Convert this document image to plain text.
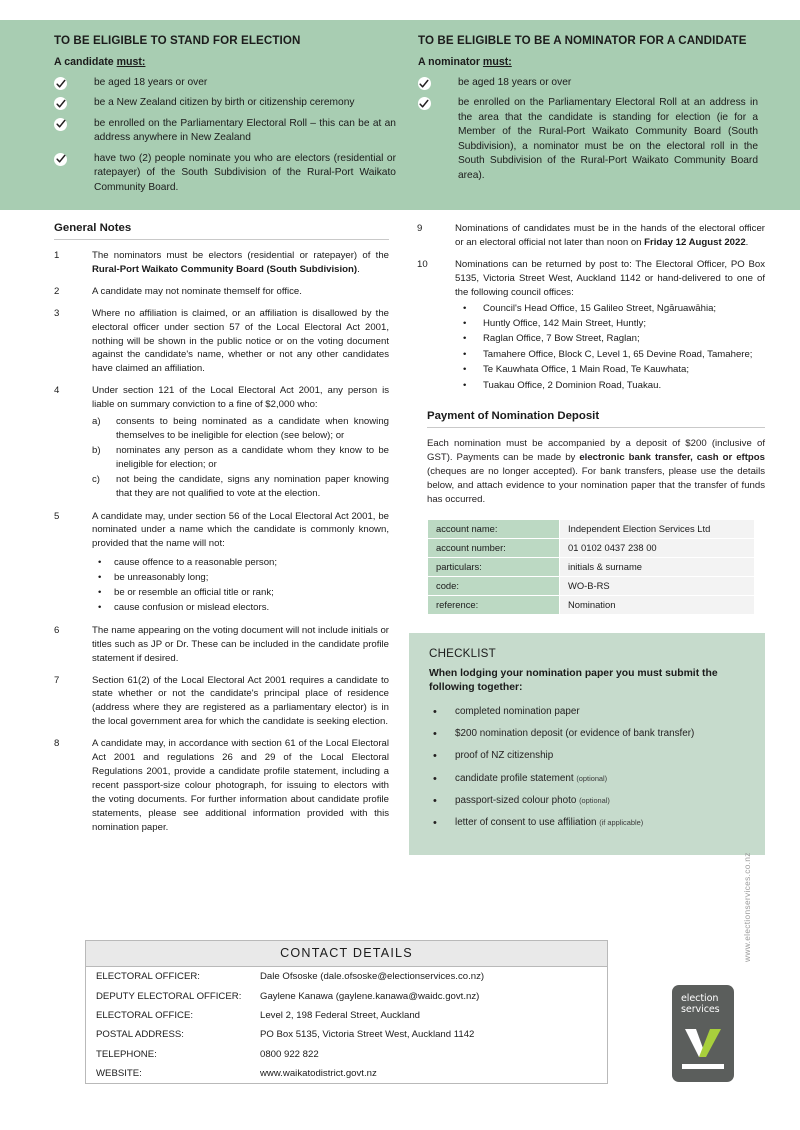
TO BE ELIGIBLE TO STAND FOR ELECTION
A candidate must:
be aged 18 years or over
be a New Zealand citizen by birth or citizenship ceremony
be enrolled on the Parliamentary Electoral Roll – this can be at an address anywhere in New Zealand
have two (2) people nominate you who are electors (residential or ratepayer) of the South Subdivision of the Rural-Port Waikato Community Board.
TO BE ELIGIBLE TO BE A NOMINATOR FOR A CANDIDATE
A nominator must:
be aged 18 years or over
be enrolled on the Parliamentary Electoral Roll at an address in the area that the candidate is standing for election (ie for a Member of the Rural-Port Waikato Community Board (South Subdivision), a nominator must be on the electoral roll in the South Subdivision of the Rural-Port Waikato Community Board area).
General Notes
1	The nominators must be electors (residential or ratepayer) of the Rural-Port Waikato Community Board (South Subdivision).
2	A candidate may not nominate themself for office.
3	Where no affiliation is claimed, or an affiliation is disallowed by the electoral officer under section 57 of the Local Electoral Act 2001, nothing will be shown in the public notice or on the voting document against the candidate's name, whether or not any other candidates have claimed an affiliation.
4	Under section 121 of the Local Electoral Act 2001, any person is liable on summary conviction to a fine of $2,000 who:
a)	consents to being nominated as a candidate when knowing themselves to be ineligible for election (see below); or
b)	nominates any person as a candidate whom they know to be ineligible for election; or
c)	not being the candidate, signs any nomination paper knowing that they are not qualified to vote at the election.
5	A candidate may, under section 56 of the Local Electoral Act 2001, be nominated under a name which the candidate is commonly known, provided that the name will not:
•	cause offence to a reasonable person;
•	be unreasonably long;
•	be or resemble an official title or rank;
•	cause confusion or mislead electors.
6	The name appearing on the voting document will not include initials or titles such as JP or Dr. These can be included in the candidate profile statement if desired.
7	Section 61(2) of the Local Electoral Act 2001 requires a candidate to state whether or not the candidate's principal place of residence (address where they are registered as a parliamentary elector) is in the local government area for which the candidate is seeking election.
8	A candidate may, in accordance with section 61 of the Local Electoral Act 2001 and regulations 26 and 29 of the Local Electoral Regulations 2001, provide a candidate profile statement, including a recent passport-size colour photograph, for issuing to electors with the voting documents. For further information about candidate profile statements, please see additional information provided with this nomination paper.
9	Nominations of candidates must be in the hands of the electoral officer or an electoral official not later than noon on Friday 12 August 2022.
10	Nominations can be returned by post to: The Electoral Officer, PO Box 5135, Victoria Street West, Auckland 1142 or hand-delivered to one of the following council offices:
•	Council's Head Office, 15 Galileo Street, Ngāruawāhia;
•	Huntly Office, 142 Main Street, Huntly;
•	Raglan Office, 7 Bow Street, Raglan;
•	Tamahere Office, Block C, Level 1, 65 Devine Road, Tamahere;
•	Te Kauwhata Office, 1 Main Road, Te Kauwhata;
•	Tuakau Office, 2 Dominion Road, Tuakau.
Payment of Nomination Deposit

Each nomination must be accompanied by a deposit of $200 (inclusive of GST). Payments can be made by electronic bank transfer, cash or eftpos (cheques are no longer accepted). For bank transfers, please use the details below, and attach evidence to your nomination paper that the transfer of funds has occurred.

account name:	Independent Election Services Ltd
account number:	01 0102 0437 238 00
particulars:	initials & surname
code:	WO-B-RS
reference:	Nomination
CHECKLIST
When lodging your nomination paper you must submit the following together:
•	completed nomination paper
•	$200 nomination deposit (or evidence of bank transfer)
•	proof of NZ citizenship
•	candidate profile statement (optional)
•	passport-sized colour photo (optional)
•	letter of consent to use affiliation (if applicable)
CONTACT DETAILS
ELECTORAL OFFICER:	Dale Ofsoske (dale.ofsoske@electionservices.co.nz)
DEPUTY ELECTORAL OFFICER:	Gaylene Kanawa (gaylene.kanawa@waidc.govt.nz)
ELECTORAL OFFICE:	Level 2, 198 Federal Street, Auckland
POSTAL ADDRESS:	PO Box 5135, Victoria Street West, Auckland 1142
TELEPHONE:	0800 922 822
WEBSITE:	www.waikatodistrict.govt.nz
election
services
www.electionservices.co.nz
